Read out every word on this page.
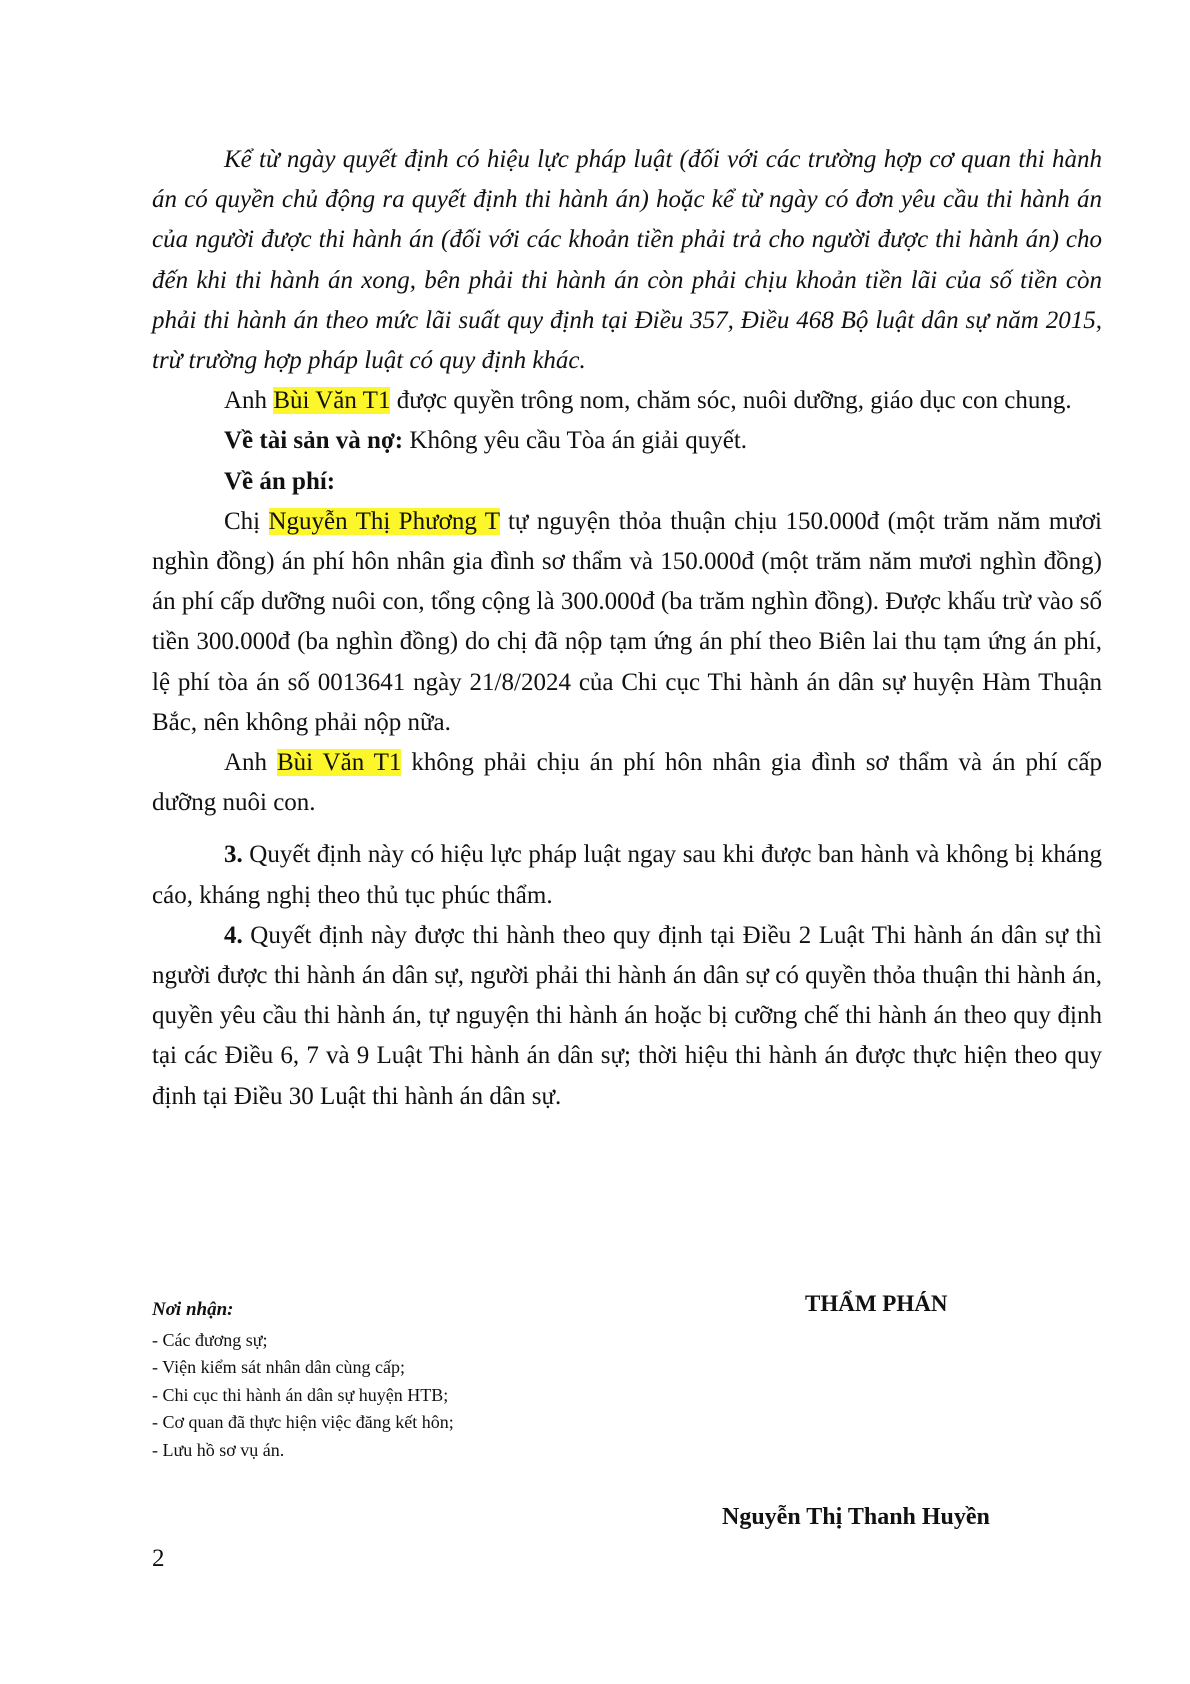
Kể từ ngày quyết định có hiệu lực pháp luật (đối với các trường hợp cơ quan thi hành án có quyền chủ động ra quyết định thi hành án) hoặc kể từ ngày có đơn yêu cầu thi hành án của người được thi hành án (đối với các khoản tiền phải trả cho người được thi hành án) cho đến khi thi hành án xong, bên phải thi hành án còn phải chịu khoản tiền lãi của số tiền còn phải thi hành án theo mức lãi suất quy định tại Điều 357, Điều 468 Bộ luật dân sự năm 2015, trừ trường hợp pháp luật có quy định khác.

Anh Bùi Văn T1 được quyền trông nom, chăm sóc, nuôi dưỡng, giáo dục con chung.

Về tài sản và nợ: Không yêu cầu Tòa án giải quyết.

Về án phí:

Chị Nguyễn Thị Phương T tự nguyện thỏa thuận chịu 150.000đ (một trăm năm mươi nghìn đồng) án phí hôn nhân gia đình sơ thẩm và 150.000đ (một trăm năm mươi nghìn đồng) án phí cấp dưỡng nuôi con, tổng cộng là 300.000đ (ba trăm nghìn đồng). Được khấu trừ vào số tiền 300.000đ (ba nghìn đồng) do chị đã nộp tạm ứng án phí theo Biên lai thu tạm ứng án phí, lệ phí tòa án số 0013641 ngày 21/8/2024 của Chi cục Thi hành án dân sự huyện Hàm Thuận Bắc, nên không phải nộp nữa.

Anh Bùi Văn T1 không phải chịu án phí hôn nhân gia đình sơ thẩm và án phí cấp dưỡng nuôi con.

3. Quyết định này có hiệu lực pháp luật ngay sau khi được ban hành và không bị kháng cáo, kháng nghị theo thủ tục phúc thẩm.

4. Quyết định này được thi hành theo quy định tại Điều 2 Luật Thi hành án dân sự thì người được thi hành án dân sự, người phải thi hành án dân sự có quyền thỏa thuận thi hành án, quyền yêu cầu thi hành án, tự nguyện thi hành án hoặc bị cưỡng chế thi hành án theo quy định tại các Điều 6, 7 và 9 Luật Thi hành án dân sự; thời hiệu thi hành án được thực hiện theo quy định tại Điều 30 Luật thi hành án dân sự.

Nơi nhận:
- Các đương sự;
- Viện kiểm sát nhân dân cùng cấp;
- Chi cục thi hành án dân sự huyện HTB;
- Cơ quan đã thực hiện việc đăng kết hôn;
- Lưu hồ sơ vụ án.
THẨM PHÁN
Nguyễn Thị Thanh Huyền
2
